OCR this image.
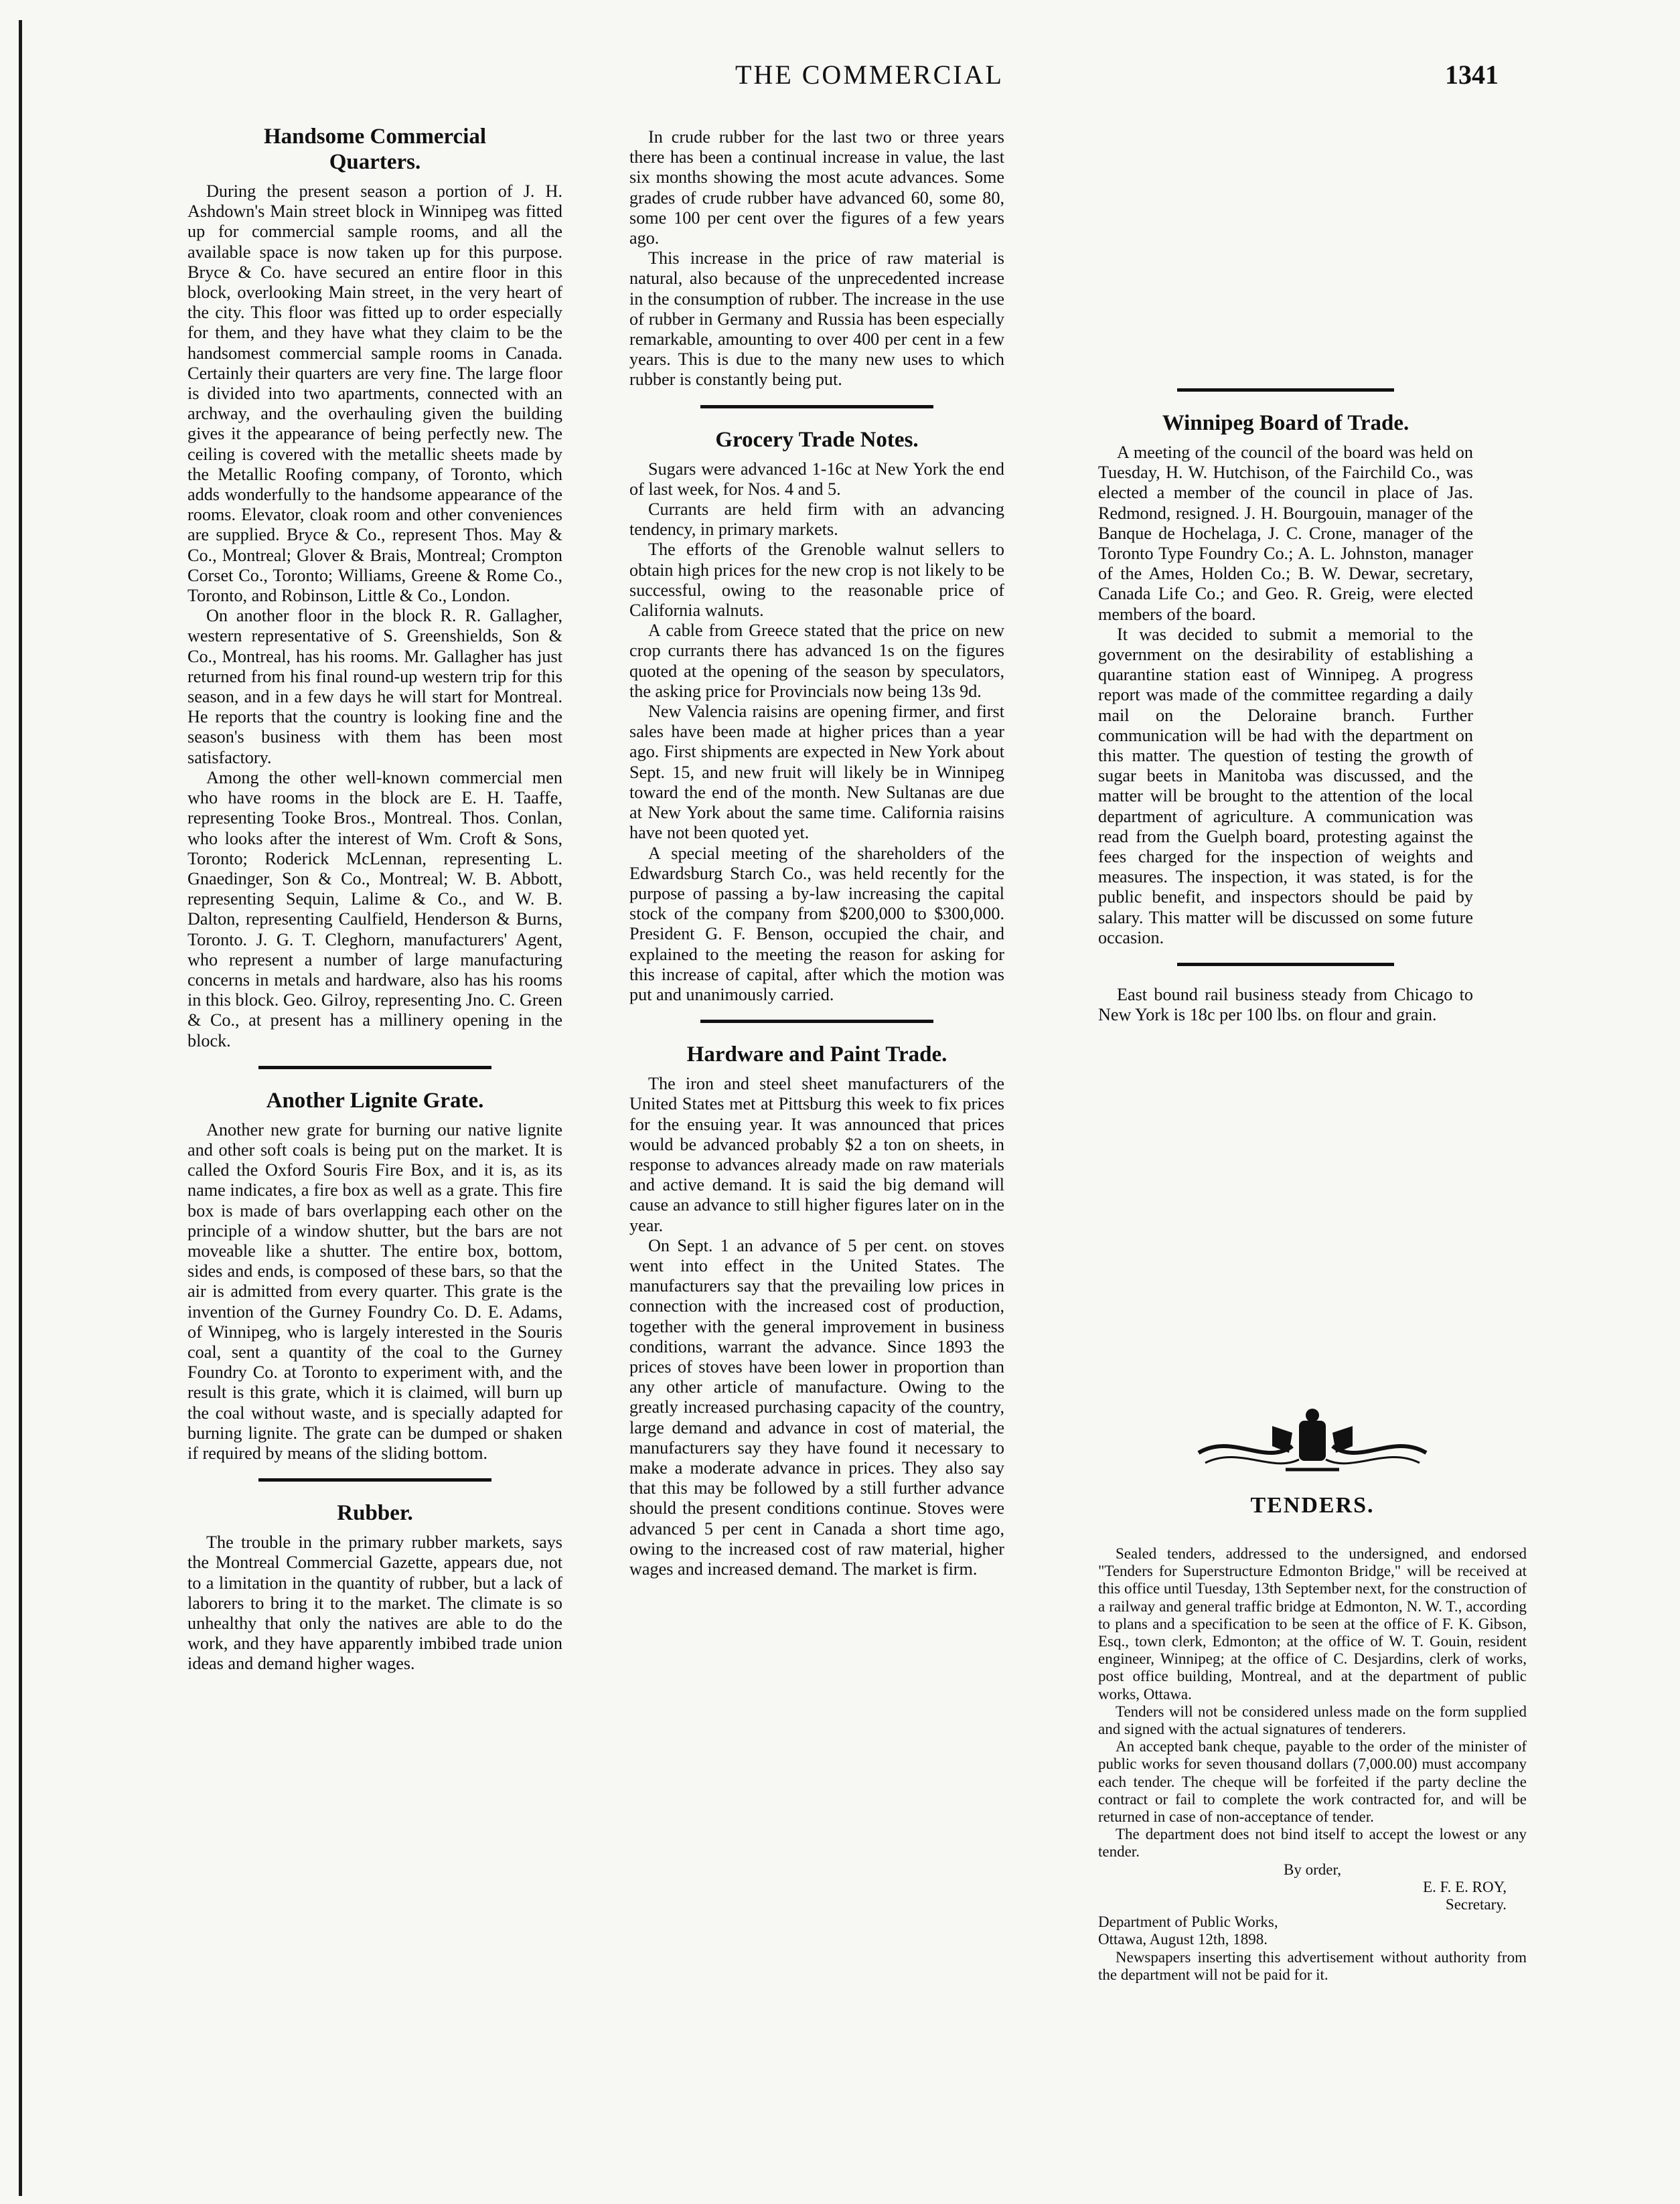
THE COMMERCIAL	1341
Handsome Commercial
Quarters.

During the present season a portion of J. H. Ashdown's Main street block in Winnipeg was fitted up for commercial sample rooms, and all the available space is now taken up for this purpose. Bryce & Co. have secured an entire floor in this block, overlooking Main street, in the very heart of the city. This floor was fitted up to order especially for them, and they have what they claim to be the handsomest commercial sample rooms in Canada. Certainly their quarters are very fine. The large floor is divided into two apartments, connected with an archway, and the overhauling given the building gives it the appearance of being perfectly new. The ceiling is covered with the metallic sheets made by the Metallic Roofing company, of Toronto, which adds wonderfully to the handsome appearance of the rooms. Elevator, cloak room and other conveniences are supplied. Bryce & Co., represent Thos. May & Co., Montreal; Glover & Brais, Montreal; Crompton Corset Co., Toronto; Williams, Greene & Rome Co., Toronto, and Robinson, Little & Co., London.

On another floor in the block R. R. Gallagher, western representative of S. Greenshields, Son & Co., Montreal, has his rooms. Mr. Gallagher has just returned from his final round-up western trip for this season, and in a few days he will start for Montreal. He reports that the country is looking fine and the season's business with them has been most satisfactory.

Among the other well-known commercial men who have rooms in the block are E. H. Taaffe, representing Tooke Bros., Montreal. Thos. Conlan, who looks after the interest of Wm. Croft & Sons, Toronto; Roderick McLennan, representing L. Gnaedinger, Son & Co., Montreal; W. B. Abbott, representing Sequin, Lalime & Co., and W. B. Dalton, representing Caulfield, Henderson & Burns, Toronto. J. G. T. Cleghorn, manufacturers' Agent, who represent a number of large manufacturing concerns in metals and hardware, also has his rooms in this block. Geo. Gilroy, representing Jno. C. Green & Co., at present has a millinery opening in the block.

Another Lignite Grate.

Another new grate for burning our native lignite and other soft coals is being put on the market. It is called the Oxford Souris Fire Box, and it is, as its name indicates, a fire box as well as a grate. This fire box is made of bars overlapping each other on the principle of a window shutter, but the bars are not moveable like a shutter. The entire box, bottom, sides and ends, is composed of these bars, so that the air is admitted from every quarter. This grate is the invention of the Gurney Foundry Co. D. E. Adams, of Winnipeg, who is largely interested in the Souris coal, sent a quantity of the coal to the Gurney Foundry Co. at Toronto to experiment with, and the result is this grate, which it is claimed, will burn up the coal without waste, and is specially adapted for burning lignite. The grate can be dumped or shaken if required by means of the sliding bottom.

Rubber.

The trouble in the primary rubber markets, says the Montreal Commercial Gazette, appears due, not to a limitation in the quantity of rubber, but a lack of laborers to bring it to the market. The climate is so unhealthy that only the natives are able to do the work, and they have apparently imbibed trade union ideas and demand higher wages.

In crude rubber for the last two or three years there has been a continual increase in value, the last six months showing the most acute advances. Some grades of crude rubber have advanced 60, some 80, some 100 per cent over the figures of a few years ago.

This increase in the price of raw material is natural, also because of the unprecedented increase in the consumption of rubber. The increase in the use of rubber in Germany and Russia has been especially remarkable, amounting to over 400 per cent in a few years. This is due to the many new uses to which rubber is constantly being put.

Grocery Trade Notes.

Sugars were advanced 1-16c at New York the end of last week, for Nos. 4 and 5.

Currants are held firm with an advancing tendency, in primary markets.

The efforts of the Grenoble walnut sellers to obtain high prices for the new crop is not likely to be successful, owing to the reasonable price of California walnuts.

A cable from Greece stated that the price on new crop currants there has advanced 1s on the figures quoted at the opening of the season by speculators, the asking price for Provincials now being 13s 9d.

New Valencia raisins are opening firmer, and first sales have been made at higher prices than a year ago. First shipments are expected in New York about Sept. 15, and new fruit will likely be in Winnipeg toward the end of the month. New Sultanas are due at New York about the same time. California raisins have not been quoted yet.

A special meeting of the shareholders of the Edwardsburg Starch Co., was held recently for the purpose of passing a by-law increasing the capital stock of the company from $200,000 to $300,000. President G. F. Benson, occupied the chair, and explained to the meeting the reason for asking for this increase of capital, after which the motion was put and unanimously carried.

Hardware and Paint Trade.

The iron and steel sheet manufacturers of the United States met at Pittsburg this week to fix prices for the ensuing year. It was announced that prices would be advanced probably $2 a ton on sheets, in response to advances already made on raw materials and active demand. It is said the big demand will cause an advance to still higher figures later on in the year.

On Sept. 1 an advance of 5 per cent. on stoves went into effect in the United States. The manufacturers say that the prevailing low prices in connection with the increased cost of production, together with the general improvement in business conditions, warrant the advance. Since 1893 the prices of stoves have been lower in proportion than any other article of manufacture. Owing to the greatly increased purchasing capacity of the country, large demand and advance in cost of material, the manufacturers say they have found it necessary to make a moderate advance in prices. They also say that this may be followed by a still further advance should the present conditions continue. Stoves were advanced 5 per cent in Canada a short time ago, owing to the increased cost of raw material, higher wages and increased demand. The market is firm.

Winnipeg Board of Trade.

A meeting of the council of the board was held on Tuesday, H. W. Hutchison, of the Fairchild Co., was elected a member of the council in place of Jas. Redmond, resigned. J. H. Bourgouin, manager of the Banque de Hochelaga, J. C. Crone, manager of the Toronto Type Foundry Co.; A. L. Johnston, manager of the Ames, Holden Co.; B. W. Dewar, secretary, Canada Life Co.; and Geo. R. Greig, were elected members of the board.

It was decided to submit a memorial to the government on the desirability of establishing a quarantine station east of Winnipeg. A progress report was made of the committee regarding a daily mail on the Deloraine branch. Further communication will be had with the department on this matter. The question of testing the growth of sugar beets in Manitoba was discussed, and the matter will be brought to the attention of the local department of agriculture. A communication was read from the Guelph board, protesting against the fees charged for the inspection of weights and measures. The inspection, it was stated, is for the public benefit, and inspectors should be paid by salary. This matter will be discussed on some future occasion.

East bound rail business steady from Chicago to New York is 18c per 100 lbs. on flour and grain.

TENDERS.

Sealed tenders, addressed to the undersigned, and endorsed "Tenders for Superstructure Edmonton Bridge," will be received at this office until Tuesday, 13th September next, for the construction of a railway and general traffic bridge at Edmonton, N. W. T., according to plans and a specification to be seen at the office of F. K. Gibson, Esq., town clerk, Edmonton; at the office of W. T. Gouin, resident engineer, Winnipeg; at the office of C. Desjardins, clerk of works, post office building, Montreal, and at the department of public works, Ottawa.

Tenders will not be considered unless made on the form supplied and signed with the actual signatures of tenderers.

An accepted bank cheque, payable to the order of the minister of public works for seven thousand dollars (7,000.00) must accompany each tender. The cheque will be forfeited if the party decline the contract or fail to complete the work contracted for, and will be returned in case of non-acceptance of tender.

The department does not bind itself to accept the lowest or any tender.

By order,
E. F. E. ROY,
Secretary.

Department of Public Works,

Ottawa, August 12th, 1898.

Newspapers inserting this advertisement without authority from the department will not be paid for it.
